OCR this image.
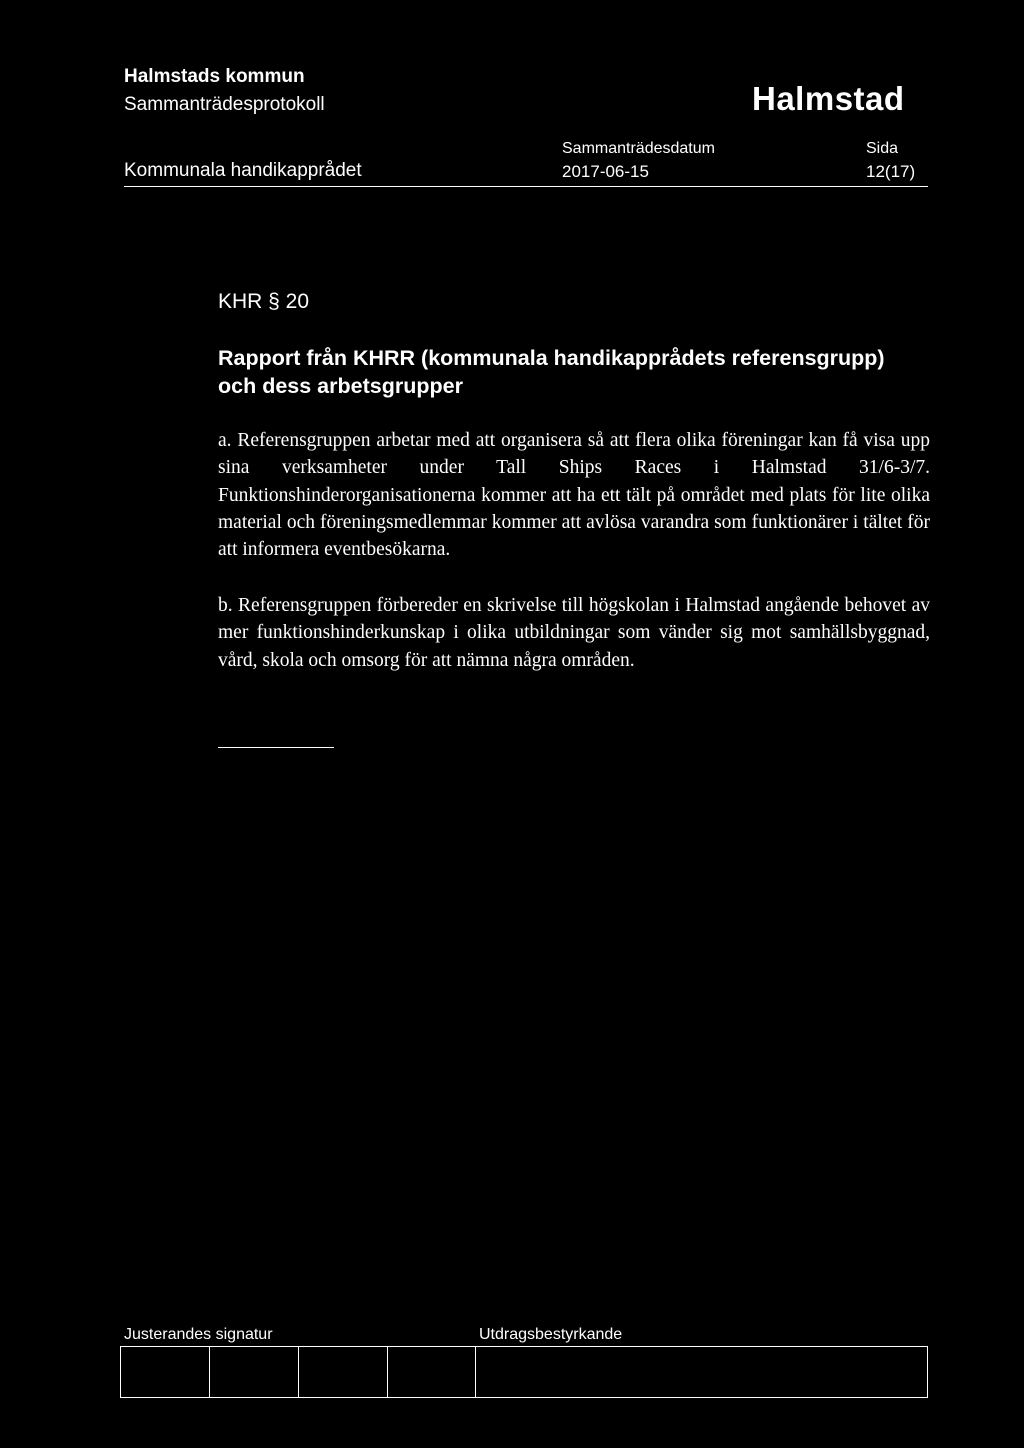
Halmstads kommun
Sammanträdesprotokoll	Halmstad
Sammanträdesdatum	Sida
Kommunala handikapprådet	2017-06-15	12(17)
KHR § 20
Rapport från KHRR (kommunala handikapprådets referensgrupp) och dess arbetsgrupper
a. Referensgruppen arbetar med att organisera så att flera olika föreningar kan få visa upp sina verksamheter under Tall Ships Races i Halmstad 31/6-3/7. Funktionshinderorganisationerna kommer att ha ett tält på området med plats för lite olika material och föreningsmedlemmar kommer att avlösa varandra som funktionärer i tältet för att informera eventbesökarna.
b. Referensgruppen förbereder en skrivelse till högskolan i Halmstad angående behovet av mer funktionshinderkunskap i olika utbildningar som vänder sig mot samhällsbyggnad, vård, skola och omsorg för att nämna några områden.
Justerandes signatur	Utdragsbestyrkande
